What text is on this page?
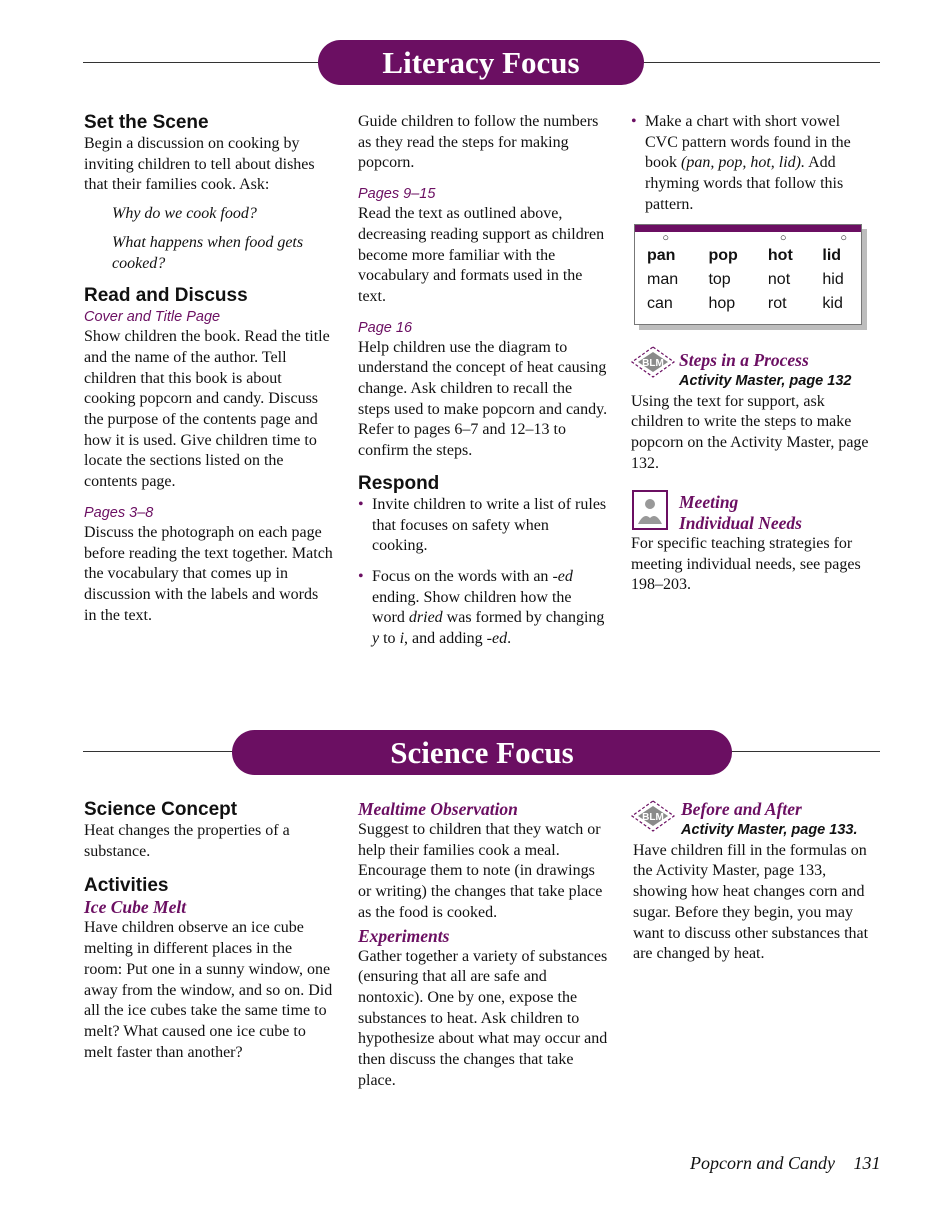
Literacy Focus
Set the Scene

Begin a discussion on cooking by inviting children to tell about dishes that their families cook. Ask:

Why do we cook food?

What happens when food gets cooked?

Read and Discuss

Cover and Title Page

Show children the book. Read the title and the name of the author. Tell children that this book is about cooking popcorn and candy. Discuss the purpose of the contents page and how it is used. Give children time to locate the sections listed on the contents page.

Pages 3–8

Discuss the photograph on each page before reading the text together. Match the vocabulary that comes up in discussion with the labels and words in the text.

Guide children to follow the numbers as they read the steps for making popcorn.

Pages 9–15

Read the text as outlined above, decreasing reading support as children become more familiar with the vocabulary and formats used in the text.

Page 16

Help children use the diagram to understand the concept of heat causing change. Ask children to recall the steps used to make popcorn and candy. Refer to pages 6–7 and 12–13 to confirm the steps.

Respond
• Invite children to write a list of rules that focuses on safety when cooking.
• Focus on the words with an -ed ending. Show children how the word dried was formed by changing y to i, and adding -ed.
• Make a chart with short vowel CVC pattern words found in the book (pan, pop, hot, lid). Add rhyming words that follow this pattern.
○		○	○
pan	pop	hot	lid
man	top	not	hid
can	hop	rot	kid
BLM Steps in a Process

Activity Master, page 132

Using the text for support, ask children to write the steps to make popcorn on the Activity Master, page 132.

Meeting

Individual Needs

For specific teaching strategies for meeting individual needs, see pages 198–203.

Science Focus
Science Concept

Heat changes the properties of a substance.

Activities

Ice Cube Melt

Have children observe an ice cube melting in different places in the room: Put one in a sunny window, one away from the window, and so on. Did all the ice cubes take the same time to melt? What caused one ice cube to melt faster than another?

Mealtime Observation

Suggest to children that they watch or help their families cook a meal. Encourage them to note (in drawings or writing) the changes that take place as the food is cooked.

Experiments

Gather together a variety of substances (ensuring that all are safe and nontoxic). One by one, expose the substances to heat. Ask children to hypothesize about what may occur and then discuss the changes that take place.

BLM Before and After

Activity Master, page 133.

Have children fill in the formulas on the Activity Master, page 133, showing how heat changes corn and sugar. Before they begin, you may want to discuss other substances that are changed by heat.

Popcorn and Candy 131
